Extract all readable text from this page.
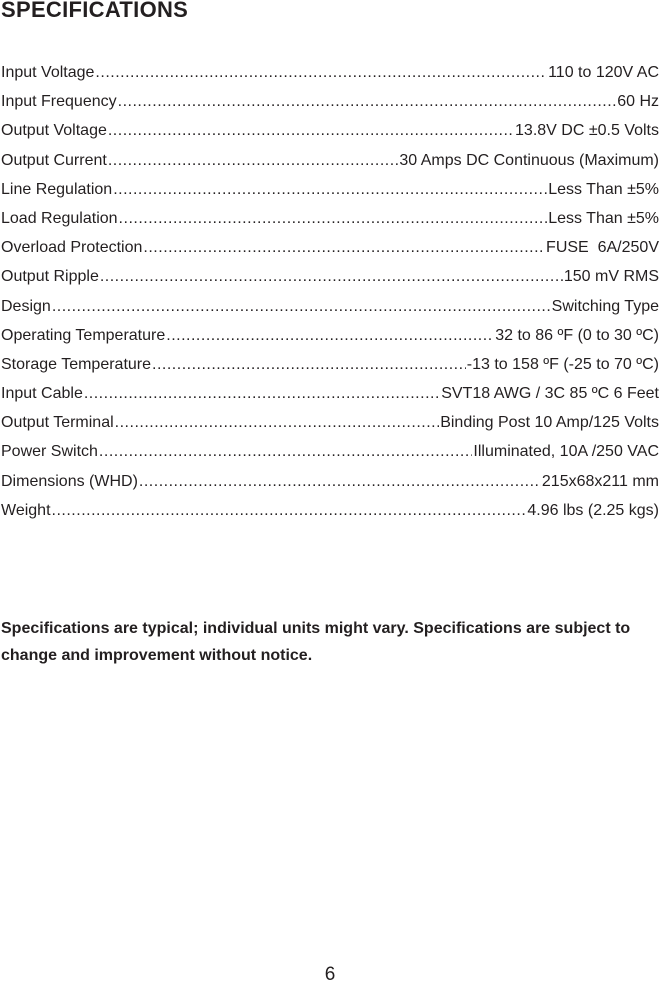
SPECIFICATIONS
Input Voltage .....	110 to 120V AC
Input Frequency .....	60 Hz
Output Voltage .....	13.8V DC ±0.5 Volts
Output Current .....	30 Amps DC Continuous (Maximum)
Line Regulation .....	Less Than ±5%
Load Regulation .....	Less Than ±5%
Overload Protection .....	FUSE  6A/250V
Output Ripple .....	150 mV RMS
Design .....	Switching Type
Operating Temperature .....	32 to 86 ºF (0 to 30 ºC)
Storage Temperature .....	-13 to 158 ºF (-25 to 70 ºC)
Input Cable .....	SVT18 AWG / 3C 85 ºC 6 Feet
Output Terminal .....	Binding Post 10 Amp/125 Volts
Power Switch .....	Illuminated, 10A /250 VAC
Dimensions (WHD) .....	215x68x211 mm
Weight .....	4.96 lbs (2.25 kgs)

Specifications are typical; individual units might vary. Specifications are subject to change and improvement without notice.

6
